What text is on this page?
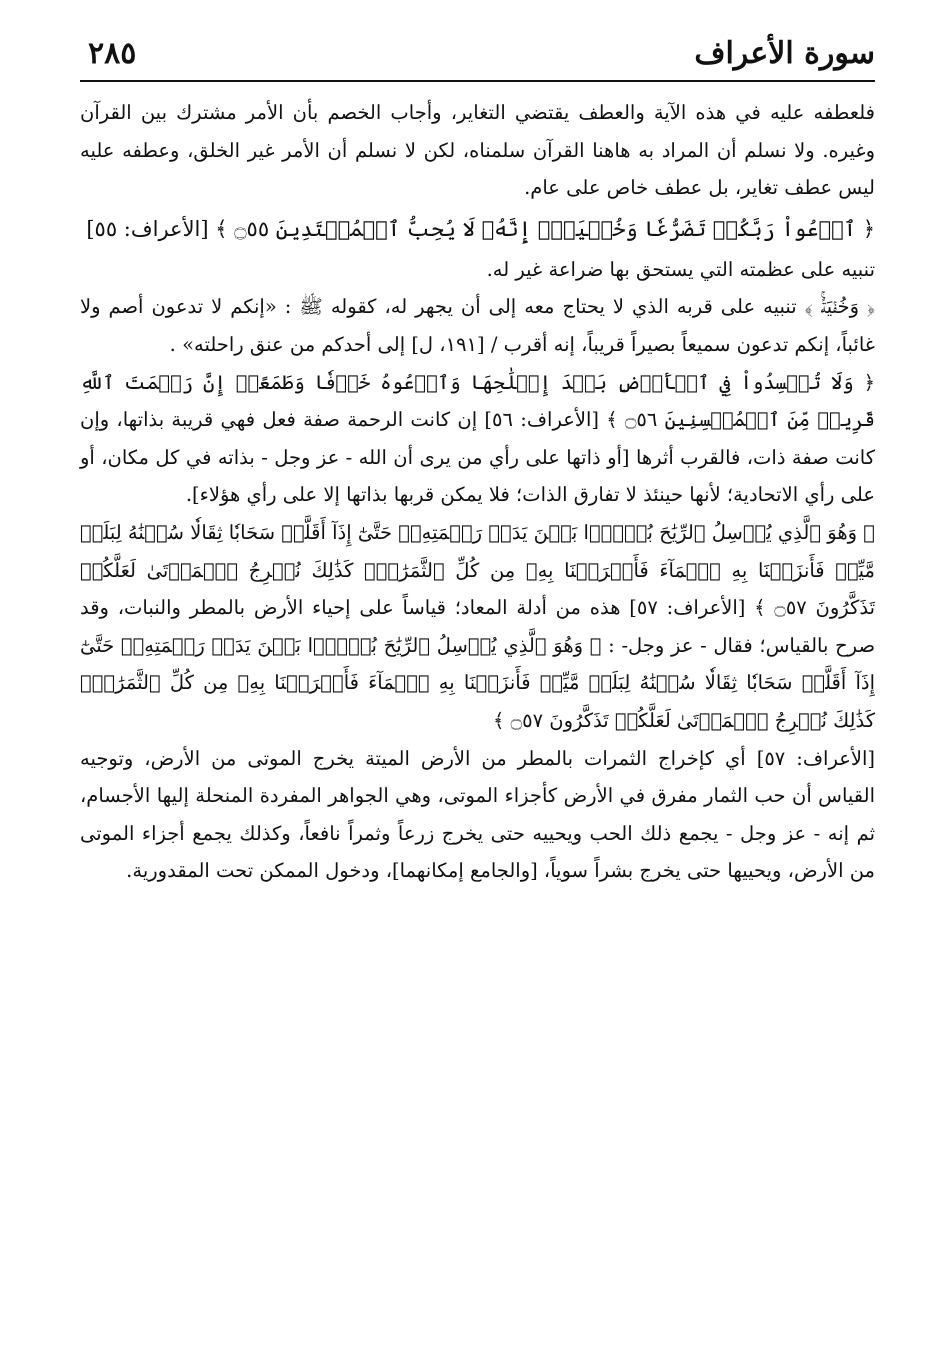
سورة الأعراف
٢٨٥

فلعطفه عليه في هذه الآية والعطف يقتضي التغاير، وأجاب الخصم بأن الأمر مشترك بين القرآن وغيره. ولا نسلم أن المراد به هاهنا القرآن سلمناه، لكن لا نسلم أن الأمر غير الخلق، وعطفه عليه ليس عطف تغاير، بل عطف خاص على عام.

﴿ ٱدۡعُواْ رَبَّكُمۡ تَضَرُّعٗا وَخُفۡيَةًۚ إِنَّهُۥ لَا يُحِبُّ ٱلۡمُعۡتَدِينَ ۝٥٥ ﴾ [الأعراف: ٥٥]

تنبيه على عظمته التي يستحق بها ضراعة غير له.

﴿ وَخُفۡيَةًۚ ﴾ تنبيه على قربه الذي لا يحتاج معه إلى أن يجهر له، كقوله ﷺ : «إنكم لا تدعون أصم ولا غائباً، إنكم تدعون سميعاً بصيراً قريباً، إنه أقرب / [١٩١، ل] إلى أحدكم من عنق راحلته» .

﴿ وَلَا تُفۡسِدُواْ فِي ٱلۡأَرۡضِ بَعۡدَ إِصۡلَٰحِهَا وَٱدۡعُوهُ خَوۡفٗا وَطَمَعًاۚ إِنَّ رَحۡمَتَ ٱللَّهِ قَرِيبٞ مِّنَ ٱلۡمُحۡسِنِينَ ۝٥٦ ﴾ [الأعراف: ٥٦] إن كانت الرحمة صفة فعل فهي قريبة بذاتها، وإن كانت صفة ذات، فالقرب أثرها [أو ذاتها على رأي من يرى أن الله - عز وجل - بذاته في كل مكان، أو على رأي الاتحادية؛ لأنها حينئذ لا تفارق الذات؛ فلا يمكن قربها بذاتها إلا على رأي هؤلاء].

﴿ وَهُوَ ٱلَّذِي يُرۡسِلُ ٱلرِّيَٰحَ بُشۡرَۢا بَيۡنَ يَدَيۡ رَحۡمَتِهِۦۖ حَتَّىٰٓ إِذَآ أَقَلَّتۡ سَحَابٗا ثِقَالٗا سُقۡنَٰهُ لِبَلَدٖ مَّيِّتٖ فَأَنزَلۡنَا بِهِ ٱلۡمَآءَ فَأَخۡرَجۡنَا بِهِۦ مِن كُلِّ ٱلثَّمَرَٰتِۚ كَذَٰلِكَ نُخۡرِجُ ٱلۡمَوۡتَىٰ لَعَلَّكُمۡ تَذَكَّرُونَ ۝٥٧ ﴾ [الأعراف: ٥٧] هذه من أدلة المعاد؛ قياساً على إحياء الأرض بالمطر والنبات، وقد صرح بالقياس؛ فقال - عز وجل- : ﴿ وَهُوَ ٱلَّذِي يُرۡسِلُ ٱلرِّيَٰحَ بُشۡرَۢا بَيۡنَ يَدَيۡ رَحۡمَتِهِۦۖ حَتَّىٰٓ إِذَآ أَقَلَّتۡ سَحَابٗا ثِقَالٗا سُقۡنَٰهُ لِبَلَدٖ مَّيِّتٖ فَأَنزَلۡنَا بِهِ ٱلۡمَآءَ فَأَخۡرَجۡنَا بِهِۦ مِن كُلِّ ٱلثَّمَرَٰتِۚ كَذَٰلِكَ نُخۡرِجُ ٱلۡمَوۡتَىٰ لَعَلَّكُمۡ تَذَكَّرُونَ ۝٥٧ ﴾

[الأعراف: ٥٧] أي كإخراج الثمرات بالمطر من الأرض الميتة يخرج الموتى من الأرض، وتوجيه القياس أن حب الثمار مفرق في الأرض كأجزاء الموتى، وهي الجواهر المفردة المنحلة إليها الأجسام، ثم إنه - عز وجل - يجمع ذلك الحب ويحييه حتى يخرج زرعاً وثمراً نافعاً، وكذلك يجمع أجزاء الموتى من الأرض، ويحييها حتى يخرج بشراً سوياً، [والجامع إمكانهما]، ودخول الممكن تحت المقدورية.
